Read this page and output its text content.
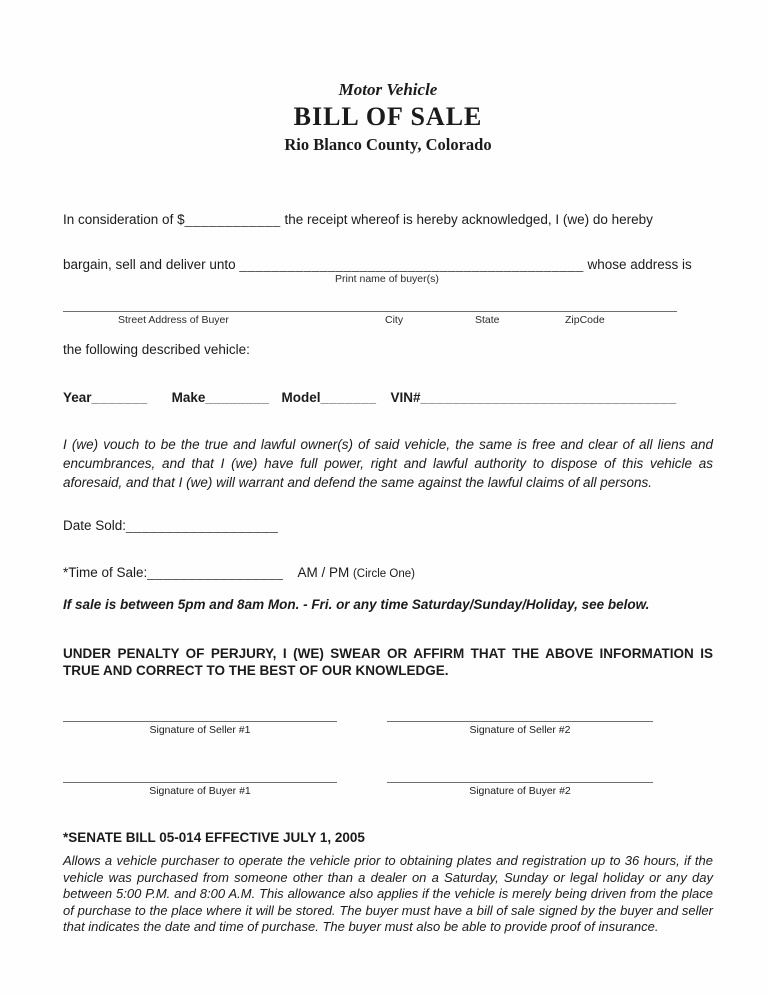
Motor Vehicle
BILL OF SALE
Rio Blanco County, Colorado

In consideration of $____________ the receipt whereof is hereby acknowledged, I (we) do hereby

bargain, sell and deliver unto ___________________________________________ whose address is

Print name of buyer(s)
Street Address of Buyer	City	State	ZipCode

the following described vehicle:

Year_______ Make________ Model_______ VIN#________________________________

I (we) vouch to be the true and lawful owner(s) of said vehicle, the same is free and clear of all liens and encumbrances, and that I (we) have full power, right and lawful authority to dispose of this vehicle as aforesaid, and that I (we) will warrant and defend the same against the lawful claims of all persons.

Date Sold:___________________

*Time of Sale:_________________ AM / PM (Circle One)

If sale is between 5pm and 8am Mon. - Fri. or any time Saturday/Sunday/Holiday, see below.

UNDER PENALTY OF PERJURY, I (WE) SWEAR OR AFFIRM THAT THE ABOVE INFORMATION IS TRUE AND CORRECT TO THE BEST OF OUR KNOWLEDGE.

Signature of Seller #1	Signature of Seller #2
Signature of Buyer #1	Signature of Buyer #2

*SENATE BILL 05-014 EFFECTIVE JULY 1, 2005

Allows a vehicle purchaser to operate the vehicle prior to obtaining plates and registration up to 36 hours, if the vehicle was purchased from someone other than a dealer on a Saturday, Sunday or legal holiday or any day between 5:00 P.M. and 8:00 A.M. This allowance also applies if the vehicle is merely being driven from the place of purchase to the place where it will be stored. The buyer must have a bill of sale signed by the buyer and seller that indicates the date and time of purchase. The buyer must also be able to provide proof of insurance.
